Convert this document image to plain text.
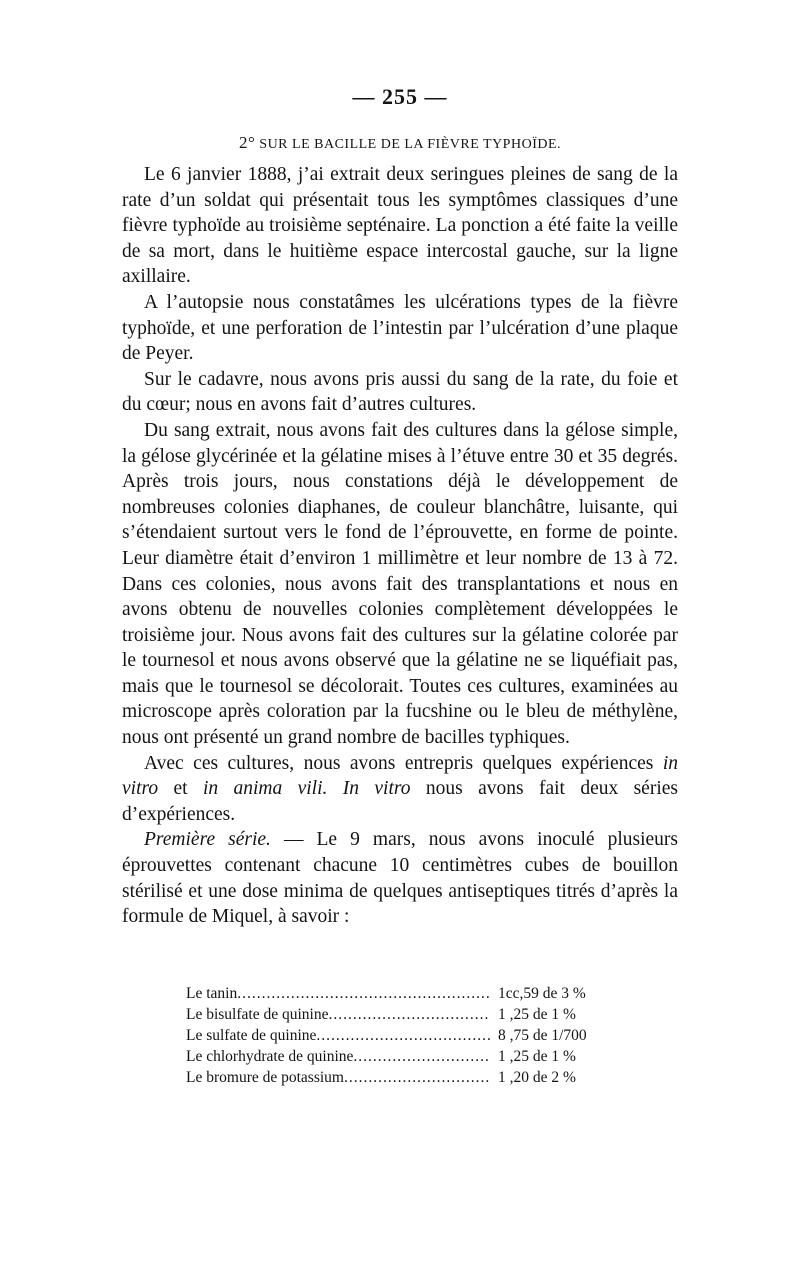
— 255 —
2° SUR LE BACILLE DE LA FIÈVRE TYPHOÏDE.

Le 6 janvier 1888, j’ai extrait deux seringues pleines de sang de la rate d’un soldat qui présentait tous les symptômes classiques d’une fièvre typhoïde au troisième septénaire. La ponction a été faite la veille de sa mort, dans le huitième espace intercostal gauche, sur la ligne axillaire.

A l’autopsie nous constatâmes les ulcérations types de la fièvre typhoïde, et une perforation de l’intestin par l’ulcération d’une plaque de Peyer.

Sur le cadavre, nous avons pris aussi du sang de la rate, du foie et du cœur; nous en avons fait d’autres cultures.

Du sang extrait, nous avons fait des cultures dans la gélose simple, la gélose glycérinée et la gélatine mises à l’étuve entre 30 et 35 degrés. Après trois jours, nous constations déjà le développement de nombreuses colonies diaphanes, de couleur blanchâtre, luisante, qui s’étendaient surtout vers le fond de l’éprouvette, en forme de pointe. Leur diamètre était d’environ 1 millimètre et leur nombre de 13 à 72. Dans ces colonies, nous avons fait des transplantations et nous en avons obtenu de nouvelles colonies complètement développées le troisième jour. Nous avons fait des cultures sur la gélatine colorée par le tournesol et nous avons observé que la gélatine ne se liquéfiait pas, mais que le tournesol se décolorait. Toutes ces cultures, examinées au microscope après coloration par la fucshine ou le bleu de méthylène, nous ont présenté un grand nombre de bacilles typhiques.

Avec ces cultures, nous avons entrepris quelques expériences in vitro et in anima vili. In vitro nous avons fait deux séries d’expériences.

Première série. — Le 9 mars, nous avons inoculé plusieurs éprouvettes contenant chacune 10 centimètres cubes de bouillon stérilisé et une dose minima de quelques antiseptiques titrés d’après la formule de Miquel, à savoir :

Le tanin .....	1cc,59 de 3 %
Le bisulfate de quinine .....	1 ,25 de 1 %
Le sulfate de quinine .....	8 ,75 de 1/700
Le chlorhydrate de quinine .....	1 ,25 de 1 %
Le bromure de potassium .....	1 ,20 de 2 %
